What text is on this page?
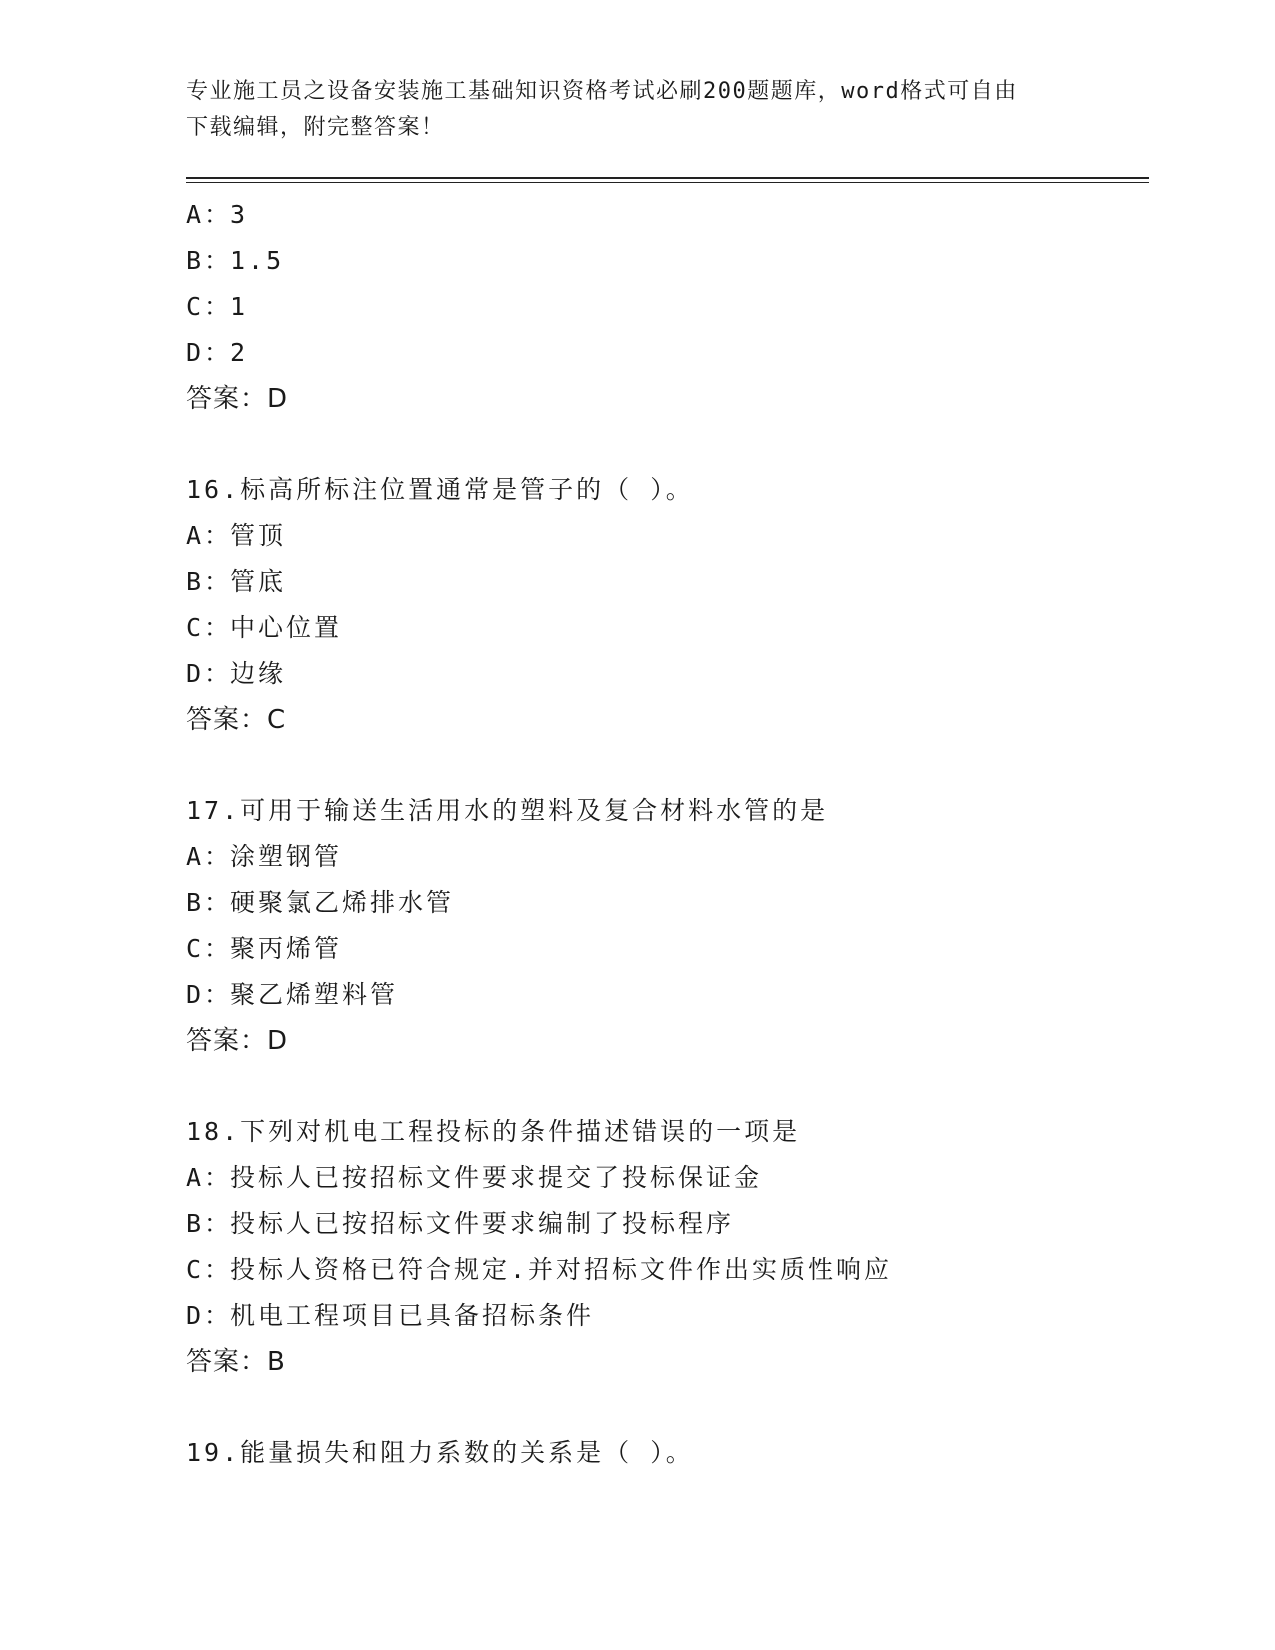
专业施工员之设备安装施工基础知识资格考试必刷200题题库，word格式可自由
下载编辑，附完整答案！
A：3
B：1.5
C：1
D：2
答案：D
16.标高所标注位置通常是管子的（ ）。
A：管顶
B：管底
C：中心位置
D：边缘
答案：C
17.可用于输送生活用水的塑料及复合材料水管的是
A：涂塑钢管
B：硬聚氯乙烯排水管
C：聚丙烯管
D：聚乙烯塑料管
答案：D
18.下列对机电工程投标的条件描述错误的一项是
A：投标人已按招标文件要求提交了投标保证金
B：投标人已按招标文件要求编制了投标程序
C：投标人资格已符合规定.并对招标文件作出实质性响应
D：机电工程项目已具备招标条件
答案：B
19.能量损失和阻力系数的关系是（ ）。
